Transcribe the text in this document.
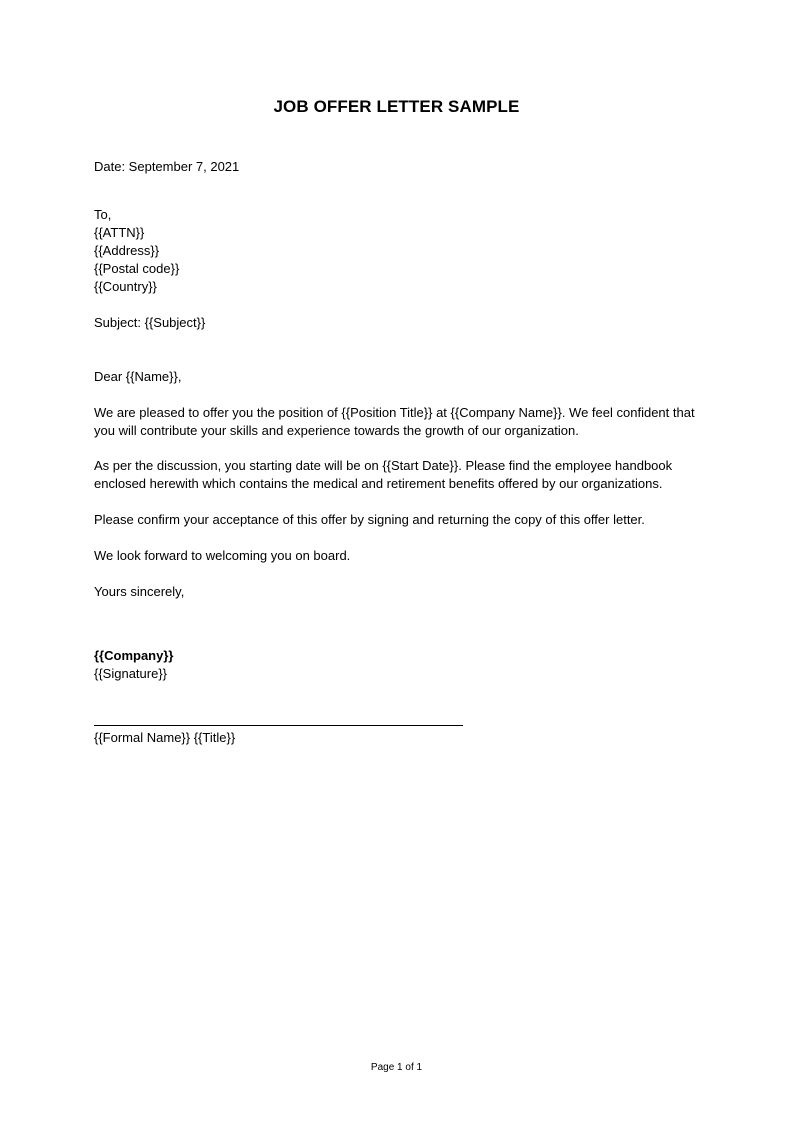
JOB OFFER LETTER SAMPLE
Date: September 7, 2021
To,
{{ATTN}}
{{Address}}
{{Postal code}}
{{Country}}
Subject: {{Subject}}
Dear {{Name}},
We are pleased to offer you the position of {{Position Title}} at {{Company Name}}. We feel confident that you will contribute your skills and experience towards the growth of our organization.
As per the discussion, you starting date will be on {{Start Date}}. Please find the employee handbook enclosed herewith which contains the medical and retirement benefits offered by our organizations.
Please confirm your acceptance of this offer by signing and returning the copy of this offer letter.
We look forward to welcoming you on board.
Yours sincerely,
{{Company}}
{{Signature}}
{{Formal Name}} {{Title}}
Page 1 of 1
